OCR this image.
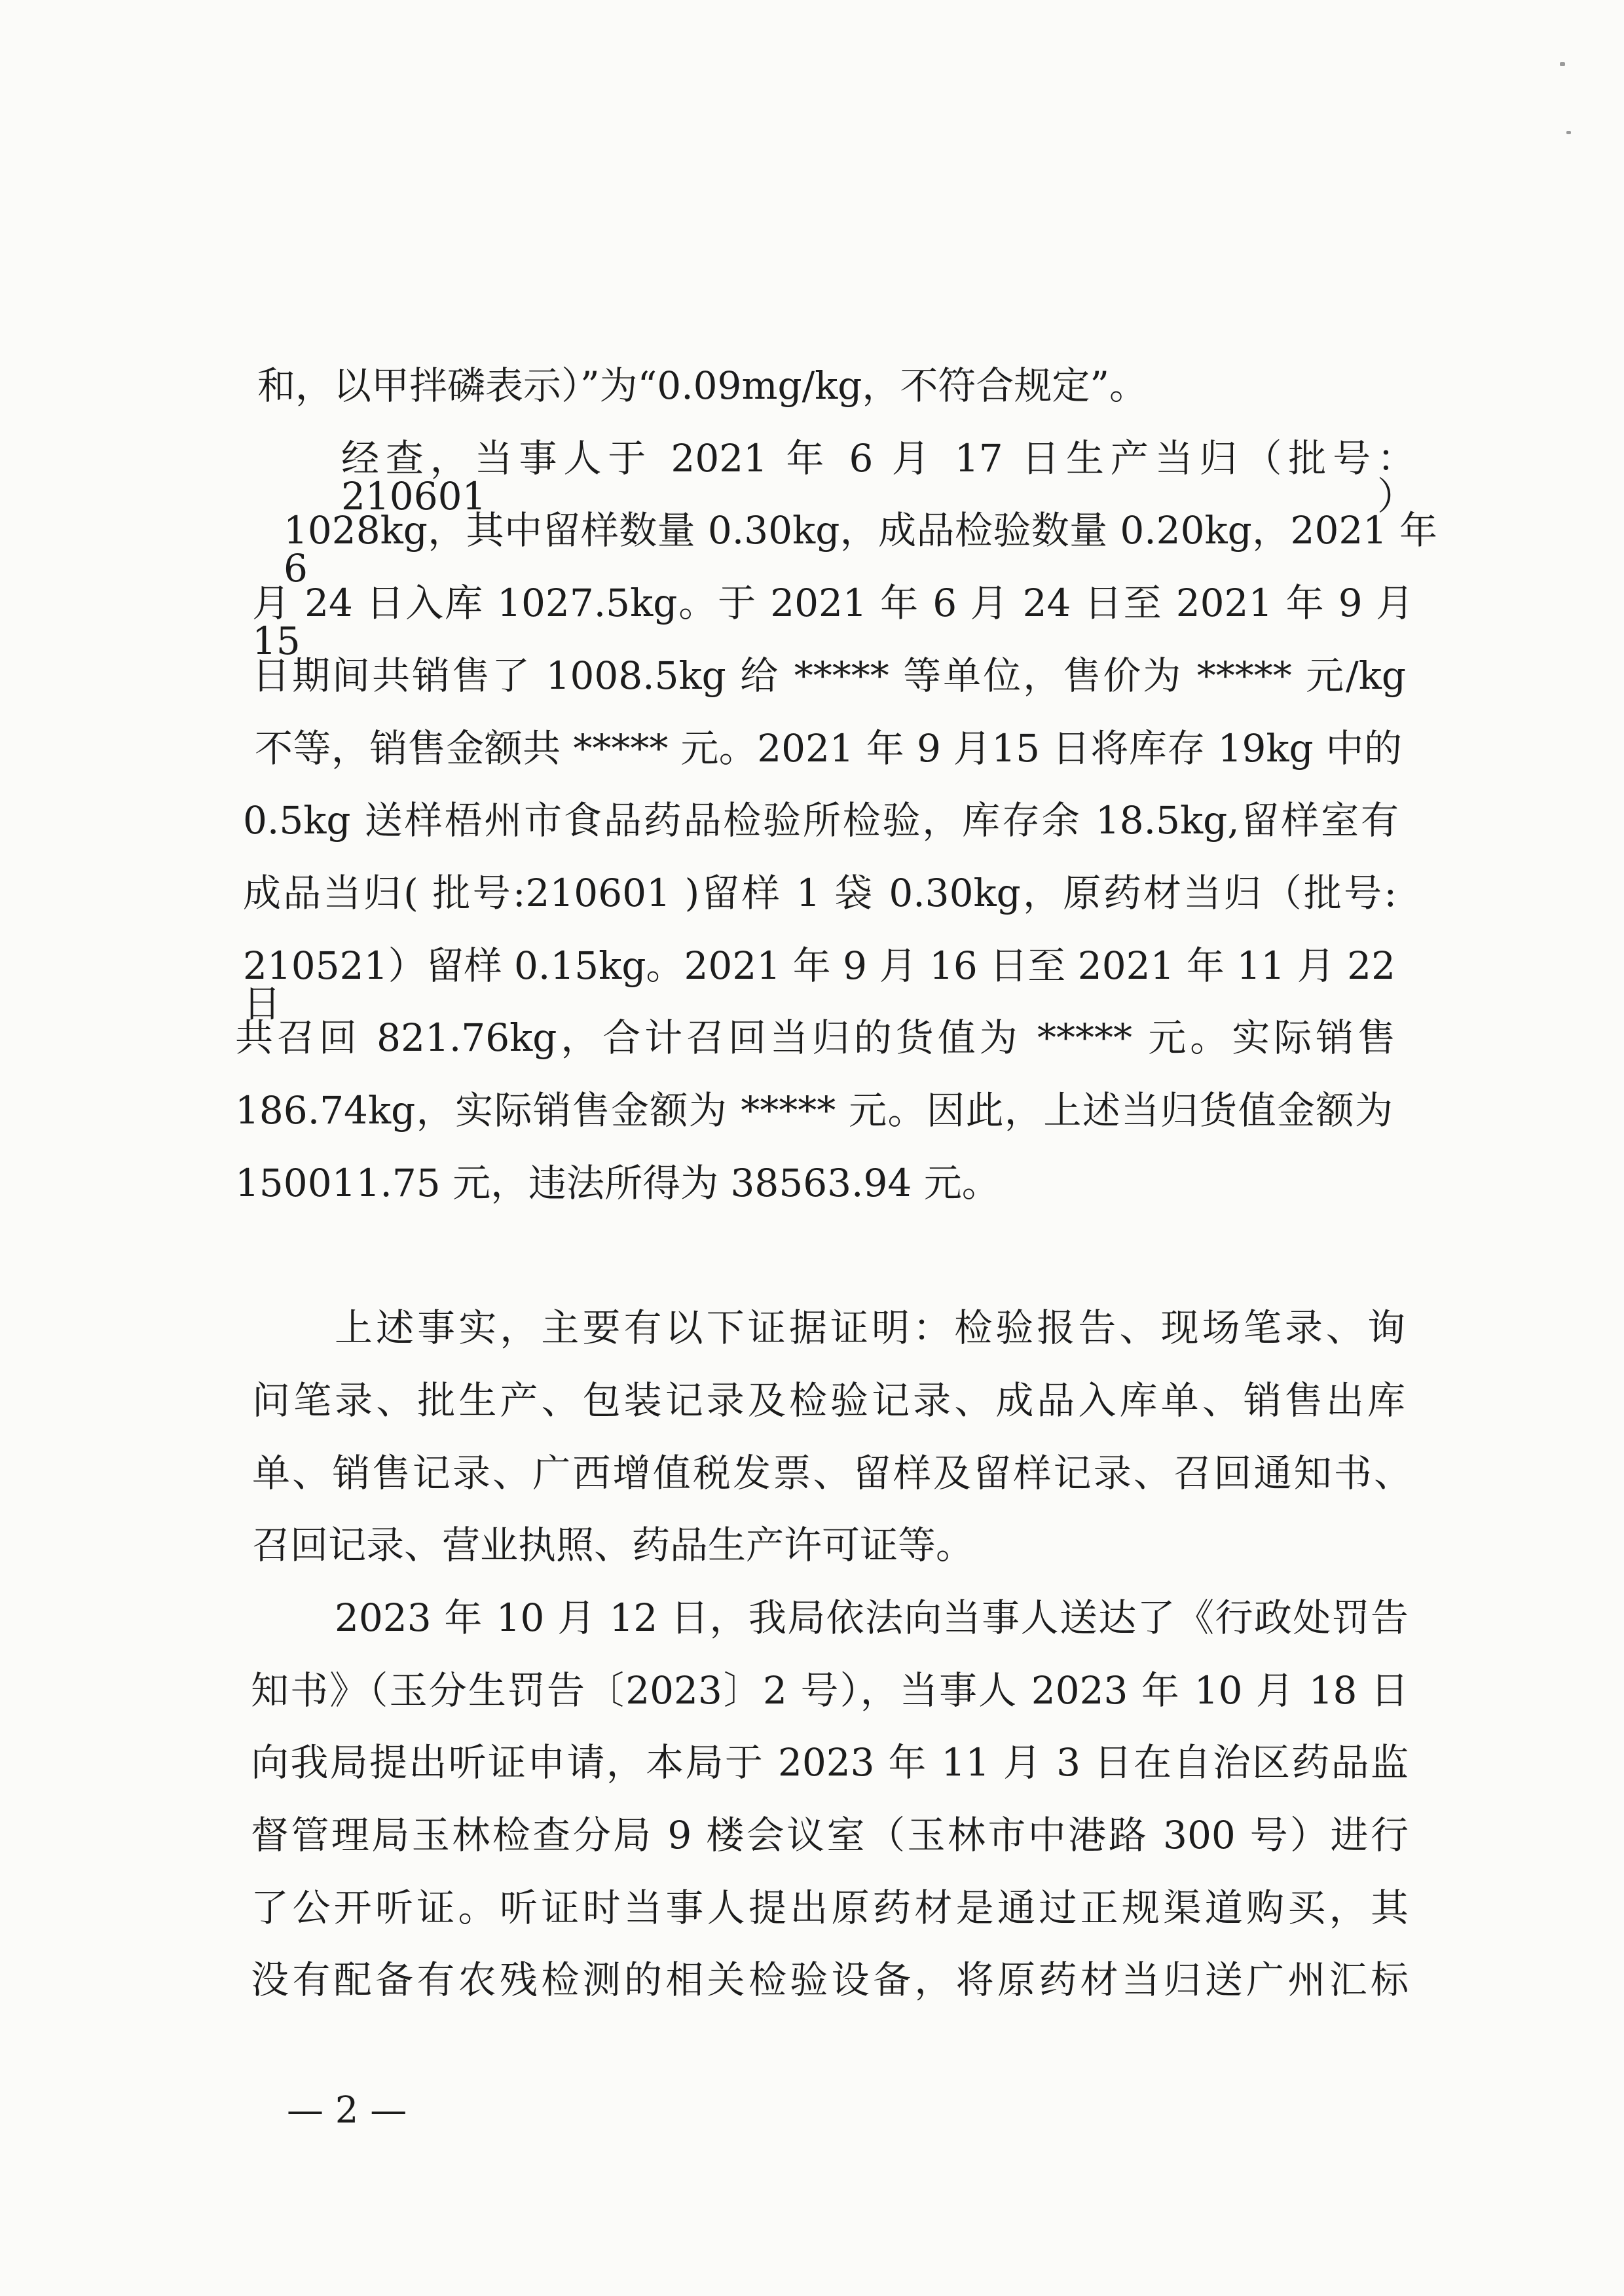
和，以甲拌磷表示）”为“0.09mg/kg，不符合规定”。
经查，当事人于 2021 年 6 月 17 日生产当归（批号：210601）
1028kg，其中留样数量 0.30kg，成品检验数量 0.20kg，2021 年 6
月 24 日入库 1027.5kg。于 2021 年 6 月 24 日至 2021 年 9 月 15
日期间共销售了 1008.5kg 给 ***** 等单位，售价为 ***** 元/kg
不等，销售金额共 ***** 元。2021 年 9 月15 日将库存 19kg 中的
0.5kg 送样梧州市食品药品检验所检验，库存余 18.5kg,留样室有
成品当归( 批号:210601 )留样 1 袋 0.30kg，原药材当归（批号:
210521）留样 0.15kg。2021 年 9 月 16 日至 2021 年 11 月 22 日
共召回 821.76kg，合计召回当归的货值为 ***** 元。实际销售
186.74kg，实际销售金额为 ***** 元。因此，上述当归货值金额为
150011.75 元，违法所得为 38563.94 元。
上述事实，主要有以下证据证明：检验报告、现场笔录、询
问笔录、批生产、包装记录及检验记录、成品入库单、销售出库
单、销售记录、广西增值税发票、留样及留样记录、召回通知书、
召回记录、营业执照、药品生产许可证等。
2023 年 10 月 12 日，我局依法向当事人送达了《行政处罚告
知书》（玉分生罚告〔2023〕2 号），当事人 2023 年 10 月 18 日
向我局提出听证申请，本局于 2023 年 11 月 3 日在自治区药品监
督管理局玉林检查分局 9 楼会议室（玉林市中港路 300 号）进行
了公开听证。听证时当事人提出原药材是通过正规渠道购买，其
没有配备有农残检测的相关检验设备，将原药材当归送广州汇标
— 2 —
